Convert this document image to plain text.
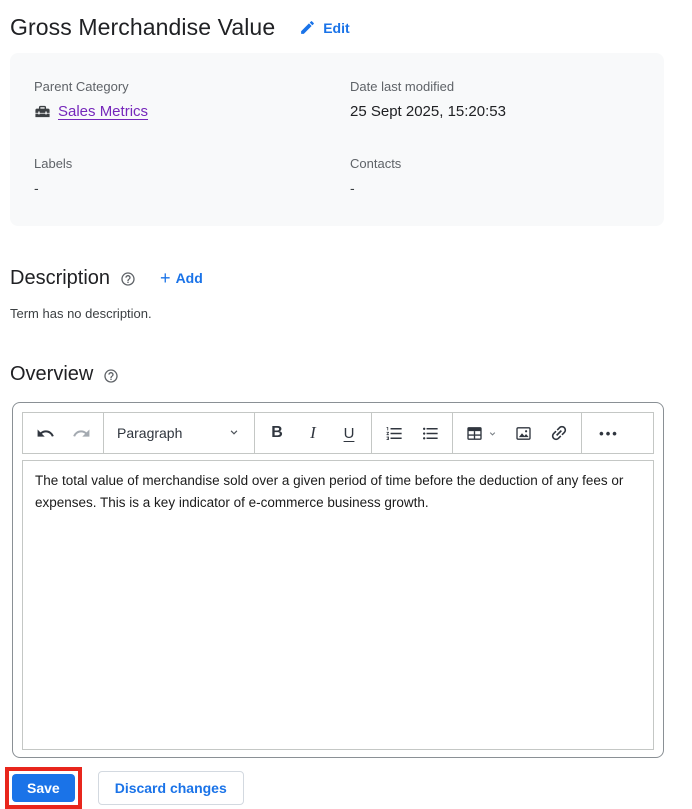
Gross Merchandise Value	Edit
Parent Category
Sales Metrics
Date last modified
25 Sept 2025, 15:20:53
Labels
-
Contacts
-
Description	+ Add
Term has no description.
Overview
Paragraph	B I U	•••
The total value of merchandise sold over a given period of time before the deduction of any fees or expenses. This is a key indicator of e-commerce business growth.
Save	Discard changes
